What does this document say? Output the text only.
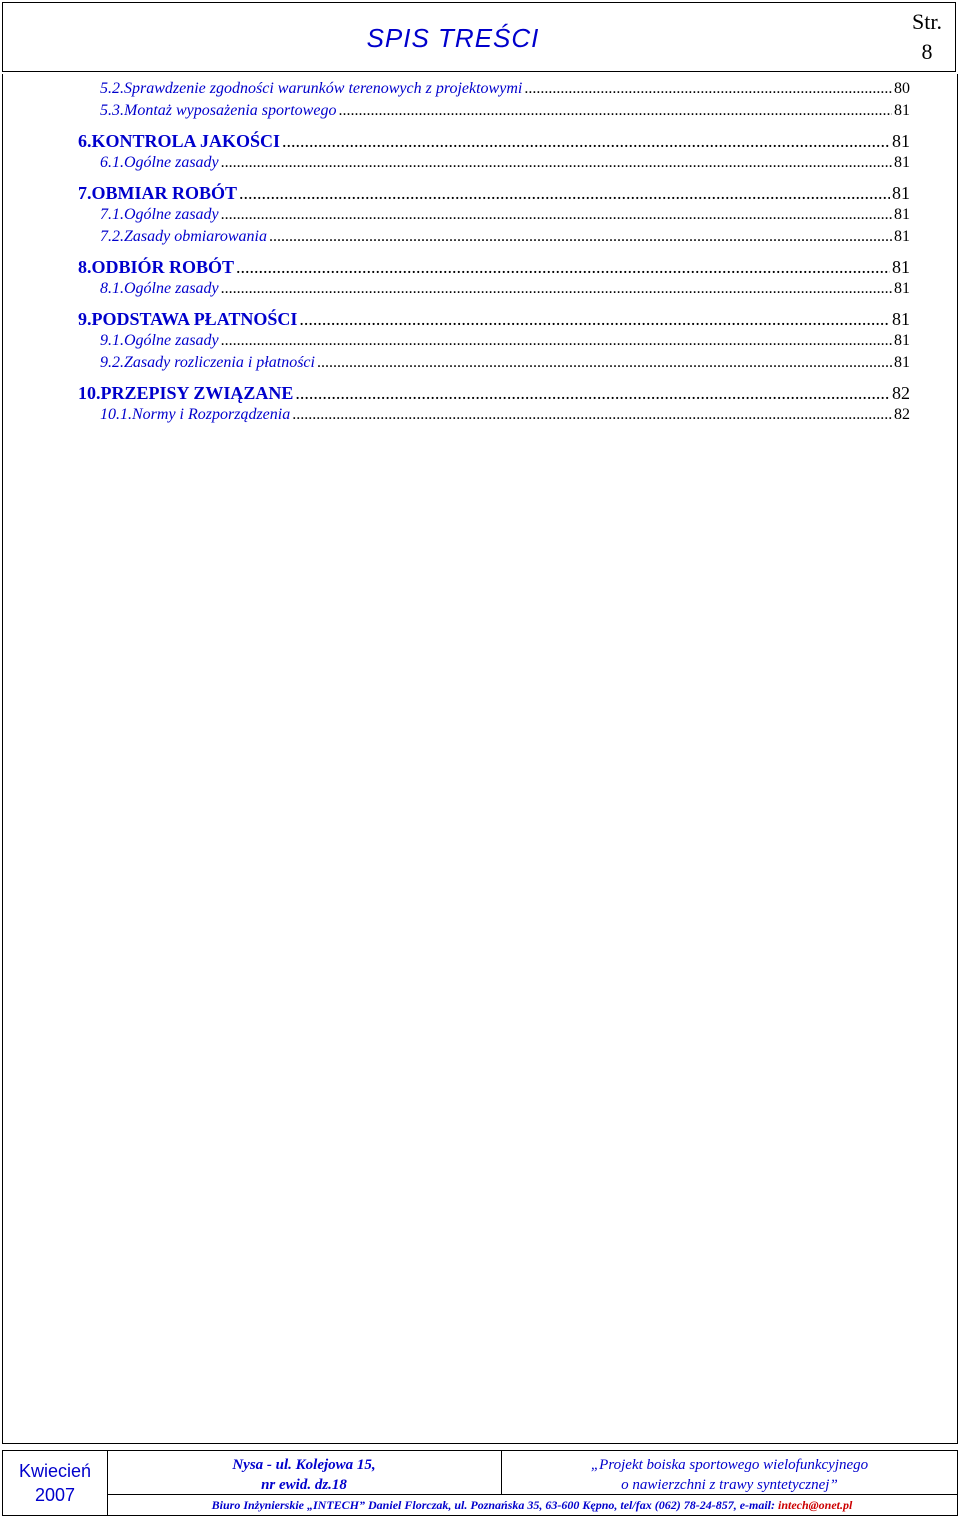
SPIS TREŚCI
Str.
8
5.2.Sprawdzenie zgodności warunków terenowych z projektowymi .....	80
5.3.Montaż wyposażenia sportowego .....	81
6.KONTROLA JAKOŚCI .....	81
6.1.Ogólne zasady .....	81
7.OBMIAR ROBÓT .....	81
7.1.Ogólne zasady .....	81
7.2.Zasady obmiarowania .....	81
8.ODBIÓR ROBÓT .....	81
8.1.Ogólne zasady .....	81
9.PODSTAWA PŁATNOŚCI .....	81
9.1.Ogólne zasady .....	81
9.2.Zasady rozliczenia i płatności .....	81
10.PRZEPISY ZWIĄZANE .....	82
10.1.Normy i Rozporządzenia .....	82
Kwiecień
2007
Nysa - ul. Kolejowa 15,
nr ewid. dz.18
„Projekt boiska sportowego wielofunkcyjnego
o nawierzchni z trawy syntetycznej”
Biuro Inżynierskie „INTECH” Daniel Florczak, ul. Poznańska 35, 63-600 Kępno, tel/fax (062) 78-24-857, e-mail: intech@onet.pl
